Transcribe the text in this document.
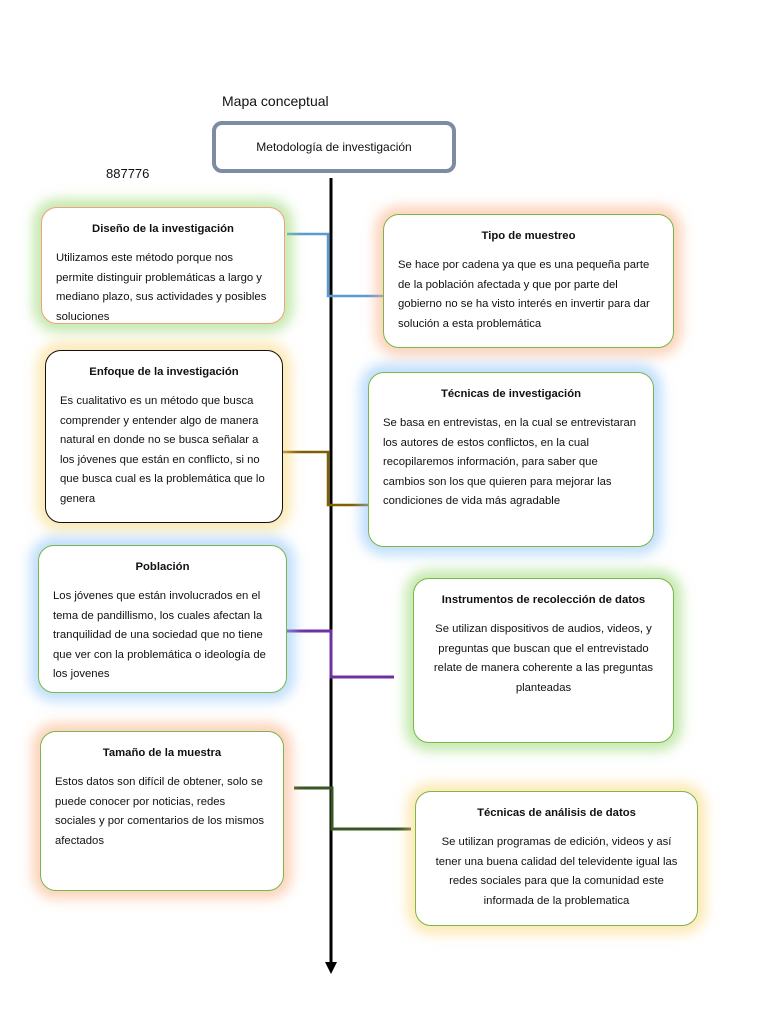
Mapa conceptual
887776
Metodología de investigación
Diseño de la investigación
Utilizamos este método porque nos permite distinguir problemáticas a largo y mediano plazo, sus actividades y posibles soluciones
Tipo de muestreo
Se hace por cadena ya que es una pequeña parte de la población afectada y que por parte del gobierno no se ha visto interés en invertir para dar solución a esta problemática
Enfoque de la investigación
Es cualitativo es un método que busca comprender y entender algo de manera natural en donde no se busca señalar a los jóvenes que están en conflicto, si no que busca cual es la problemática que lo genera
Técnicas de investigación
Se basa en entrevistas, en la cual se entrevistaran los autores de estos conflictos, en la cual recopilaremos información, para saber que cambios son los que quieren para mejorar las condiciones de vida más agradable
Población
Los jóvenes que están involucrados en el tema de pandillismo, los cuales afectan la tranquilidad de una sociedad que no tiene que ver con la problemática o ideología de los jovenes
Instrumentos de recolección de datos
Se utilizan dispositivos de audios, videos, y preguntas que buscan que el entrevistado relate de manera coherente a las preguntas planteadas
Tamaño de la muestra
Estos datos son difícil de obtener, solo se puede conocer por noticias, redes sociales y por comentarios de los mismos afectados
Técnicas de análisis de datos
Se utilizan programas de edición, videos y así tener una buena calidad del televidente igual las redes sociales para que la comunidad este informada de la problematica
